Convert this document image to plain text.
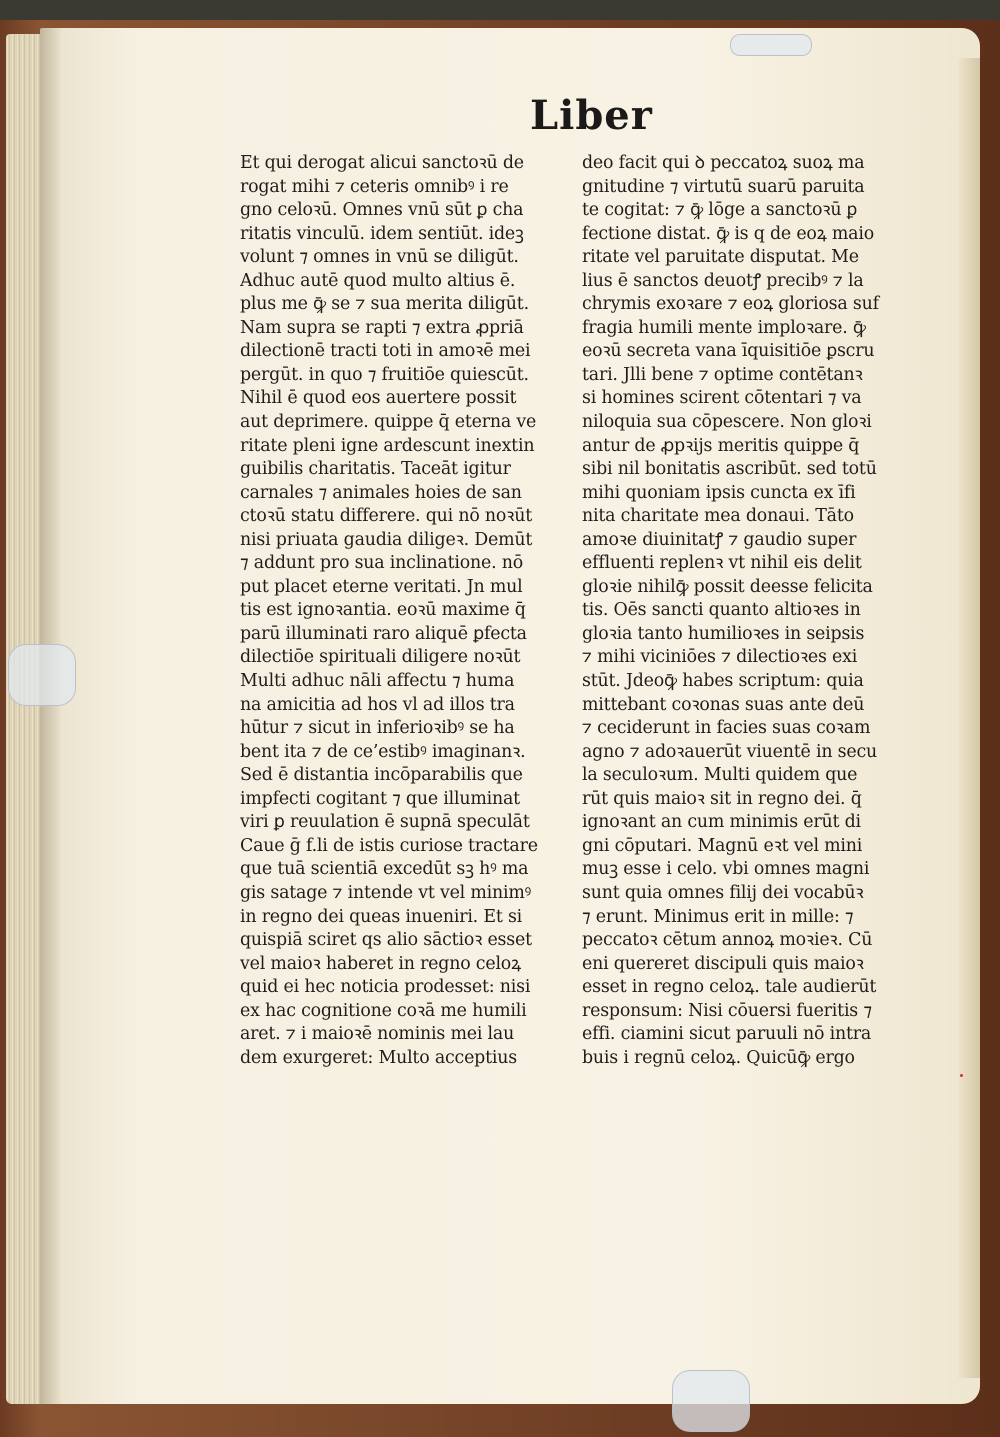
Liber
Et qui derogat alicui sanctoꝛū de
rogat mihi ⁊ ceteris omnibꝰ i re
gno celoꝛū. Omnes vnū sūt ꝑ cha
ritatis vinculū. idem sentiūt. ideꝫ
volunt ⁊ omnes in vnū se diligūt.
Adhuc autē quod multo altius ē.
plus me ꝙ̄ se ⁊ sua merita diligūt.
Nam supra se rapti ⁊ extra ꝓpriā
dilectionē tracti toti in amoꝛē mei
pergūt. in quo ⁊ fruitiōe quiescūt.
Nihil ē quod eos auertere possit
aut deprimere. quippe q̄ eterna ve
ritate pleni igne ardescunt inextin
guibilis charitatis. Taceāt igitur
carnales ⁊ animales hoies de san
ctoꝛū statu differere. qui nō noꝛūt
nisi priuata gaudia diligeꝛ. Demūt
⁊ addunt pro sua inclinatione. nō
put placet eterne veritati. Jn mul
tis est ignoꝛantia. eoꝛū maxime q̄
parū illuminati raro aliquē ꝑfecta
dilectiōe spirituali diligere noꝛūt
Multi adhuc nāli affectu ⁊ huma
na amicitia ad hos vl̄ ad illos tra
hūtur ⁊ sicut in inferioꝛibꝰ se ha
bent ita ⁊ de ce’estibꝰ imaginanꝛ.
Sed ē distantia incōparabilis que
impfecti cogitant ⁊ que illuminat
viri ꝑ reuulation ē supnā speculāt
Caue ḡ f.li de istis curiose tractare
que tuā scientiā excedūt sꝫ hꝰ ma
gis satage ⁊ intende vt vel minimꝰ
in regno dei queas inueniri. Et si
quispiā sciret qs alio sāctioꝛ esset
vel maioꝛ haberet in regno celoꝝ
quid ei hec noticia prodesset: nisi
ex hac cognitione coꝛā me humili
aret. ⁊ i maioꝛē nominis mei lau
dem exurgeret: Multo acceptius
deo facit qui ꝺ peccatoꝝ suoꝝ ma
gnitudine ⁊ virtutū suarū paruita
te cogitat: ⁊ ꝙ̄ lōge a sanctoꝛū ꝑ
fectione distat. ꝙ̄ is q de eoꝝ maio
ritate vel paruitate disputat. Me
lius ē sanctos deuotꝭ precibꝰ ⁊ la
chrymis exoꝛare ⁊ eoꝝ gloriosa suf
fragia humili mente imploꝛare. ꝙ̄
eoꝛū secreta vana īquisitiōe ꝑscru
tari. Jlli bene ⁊ optime contētanꝛ
si homines scirent cōtentari ⁊ va
niloquia sua cōpescere. Non gloꝛi
antur de ꝓpꝛijs meritis quippe q̄
sibi nil bonitatis ascribūt. sed totū
mihi quoniam ipsis cuncta ex īfi
nita charitate mea donaui. Tāto
amoꝛe diuinitatꝭ ⁊ gaudio super
effluenti replenꝛ vt nihil eis delit
gloꝛie nihilꝙ̄ possit deesse felicita
tis. Oēs sancti quanto altioꝛes in
gloꝛia tanto humilioꝛes in seipsis
⁊ mihi viciniōes ⁊ dilectioꝛes exi
stūt. Jdeoꝙ̄ habes scriptum: quia
mittebant coꝛonas suas ante deū
⁊ ceciderunt in facies suas coꝛam
agno ⁊ adoꝛauerūt viuentē in secu
la seculoꝛum. Multi quidem que
rūt quis maioꝛ sit in regno dei. q̄
ignoꝛant an cum minimis erūt di
gni cōputari. Magnū eꝛt vel mini
muꝫ esse i celo. vbi omnes magni
sunt quia omnes filij dei vocabūꝛ
⁊ erunt. Minimus erit in mille: ⁊
peccatoꝛ cētum annoꝝ moꝛieꝛ. Cū
eni quereret discipuli quis maioꝛ
esset in regno celoꝝ. tale audierūt
responsum: Nisi cōuersi fueritis ⁊
effi. ciamini sicut paruuli nō intra
buis i regnū celoꝝ. Quicūꝙ̄ ergo
